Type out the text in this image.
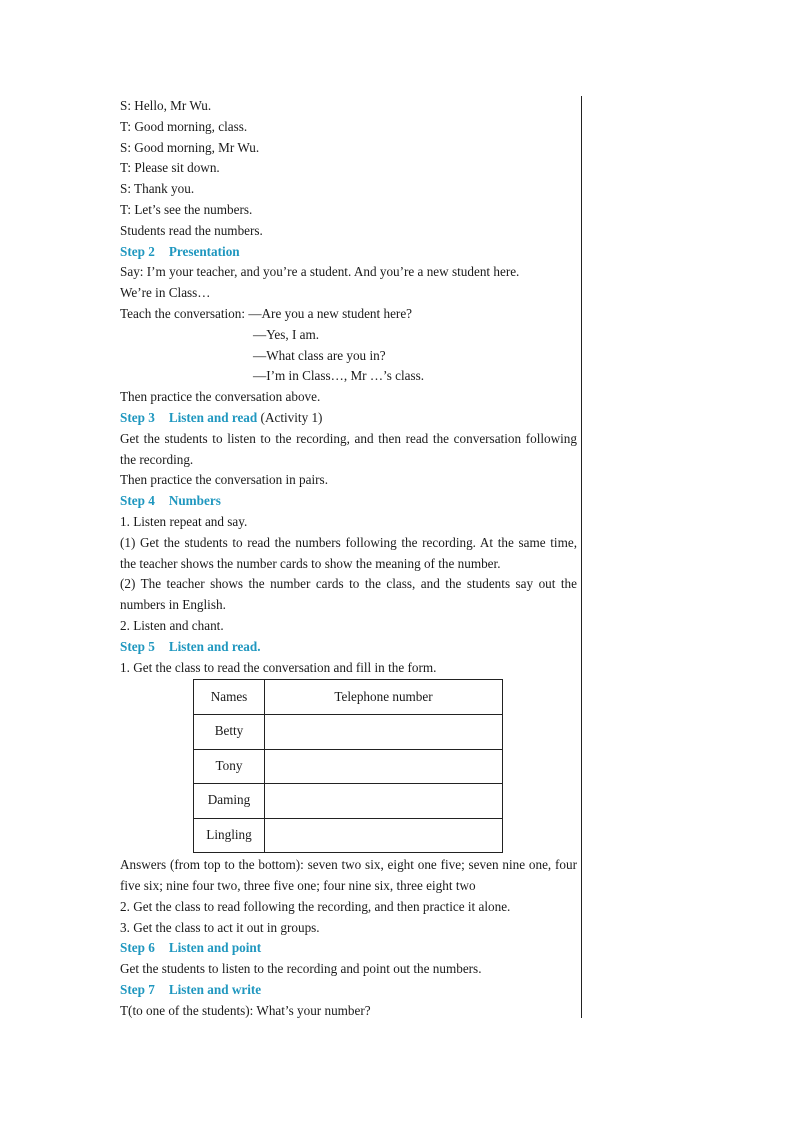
S: Hello, Mr Wu.
T: Good morning, class.
S: Good morning, Mr Wu.
T: Please sit down.
S: Thank you.
T: Let’s see the numbers.
Students read the numbers.
Step 2 Presentation
Say: I’m your teacher, and you’re a student. And you’re a new student here.
We’re in Class…
Teach the conversation: —Are you a new student here?
—Yes, I am.
—What class are you in?
—I’m in Class…, Mr …’s class.
Then practice the conversation above.
Step 3 Listen and read (Activity 1)
Get the students to listen to the recording, and then read the conversation following the recording.
Then practice the conversation in pairs.
Step 4 Numbers
1. Listen repeat and say.
(1) Get the students to read the numbers following the recording. At the same time, the teacher shows the number cards to show the meaning of the number.
(2) The teacher shows the number cards to the class, and the students say out the numbers in English.
2. Listen and chant.
Step 5 Listen and read.
1. Get the class to read the conversation and fill in the form.
Names	Telephone number
Betty	
Tony	
Daming	
Lingling	
Answers (from top to the bottom): seven two six, eight one five; seven nine one, four five six; nine four two, three five one; four nine six, three eight two
2. Get the class to read following the recording, and then practice it alone.
3. Get the class to act it out in groups.
Step 6 Listen and point
Get the students to listen to the recording and point out the numbers.
Step 7 Listen and write
T(to one of the students): What’s your number?
